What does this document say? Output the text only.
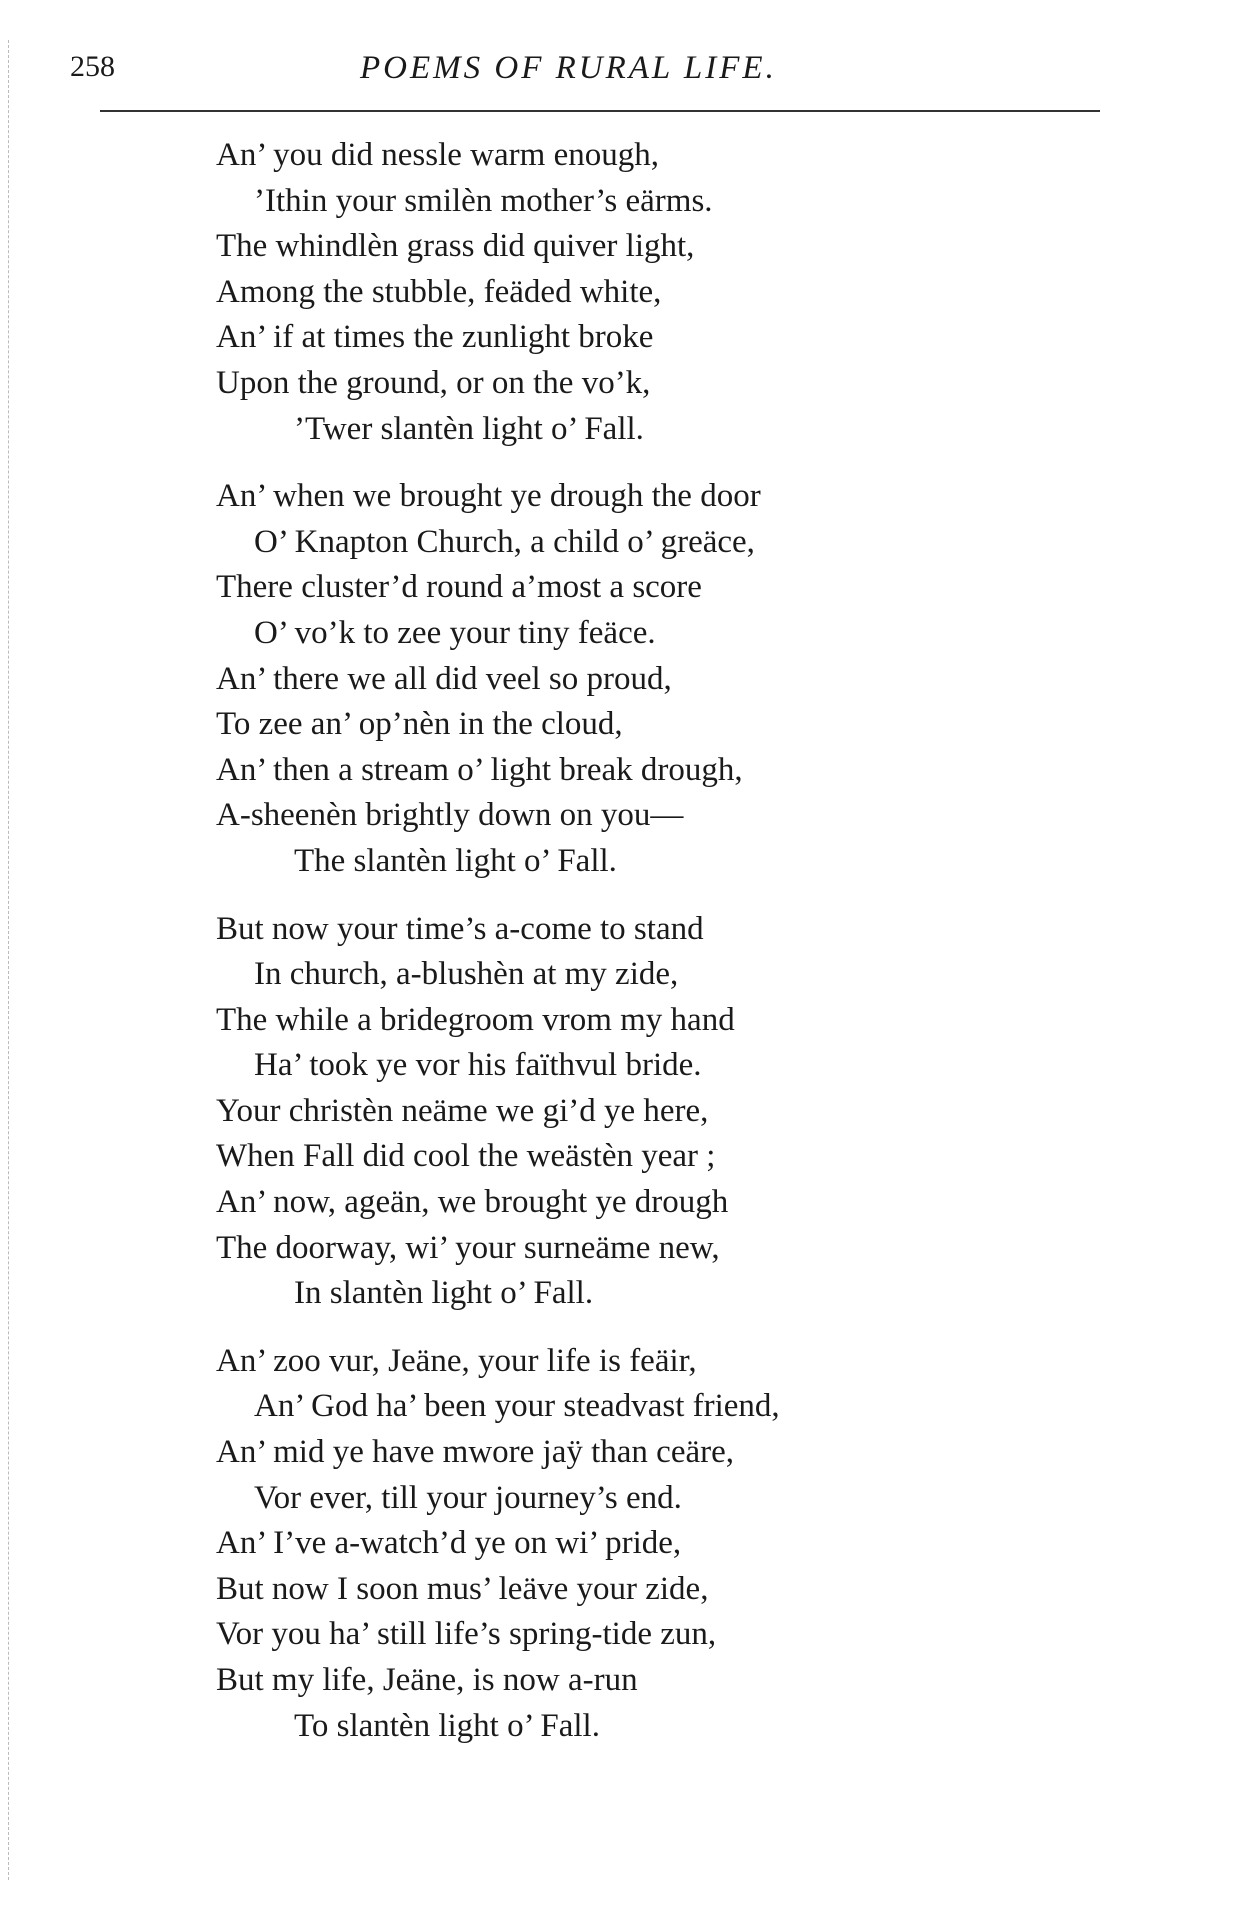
258	POEMS OF RURAL LIFE.
An’ you did nessle warm enough,
’Ithin your smilèn mother’s eärms.
The whindlèn grass did quiver light,
Among the stubble, feäded white,
An’ if at times the zunlight broke
Upon the ground, or on the vo’k,
’Twer slantèn light o’ Fall.
An’ when we brought ye drough the door
O’ Knapton Church, a child o’ greäce,
There cluster’d round a’most a score
O’ vo’k to zee your tiny feäce.
An’ there we all did veel so proud,
To zee an’ op’nèn in the cloud,
An’ then a stream o’ light break drough,
A-sheenèn brightly down on you—
The slantèn light o’ Fall.
But now your time’s a-come to stand
In church, a-blushèn at my zide,
The while a bridegroom vrom my hand
Ha’ took ye vor his faïthvul bride.
Your christèn neäme we gi’d ye here,
When Fall did cool the weästèn year ;
An’ now, ageän, we brought ye drough
The doorway, wi’ your surneäme new,
In slantèn light o’ Fall.
An’ zoo vur, Jeäne, your life is feäir,
An’ God ha’ been your steadvast friend,
An’ mid ye have mwore jaÿ than ceäre,
Vor ever, till your journey’s end.
An’ I’ve a-watch’d ye on wi’ pride,
But now I soon mus’ leäve your zide,
Vor you ha’ still life’s spring-tide zun,
But my life, Jeäne, is now a-run
To slantèn light o’ Fall.
